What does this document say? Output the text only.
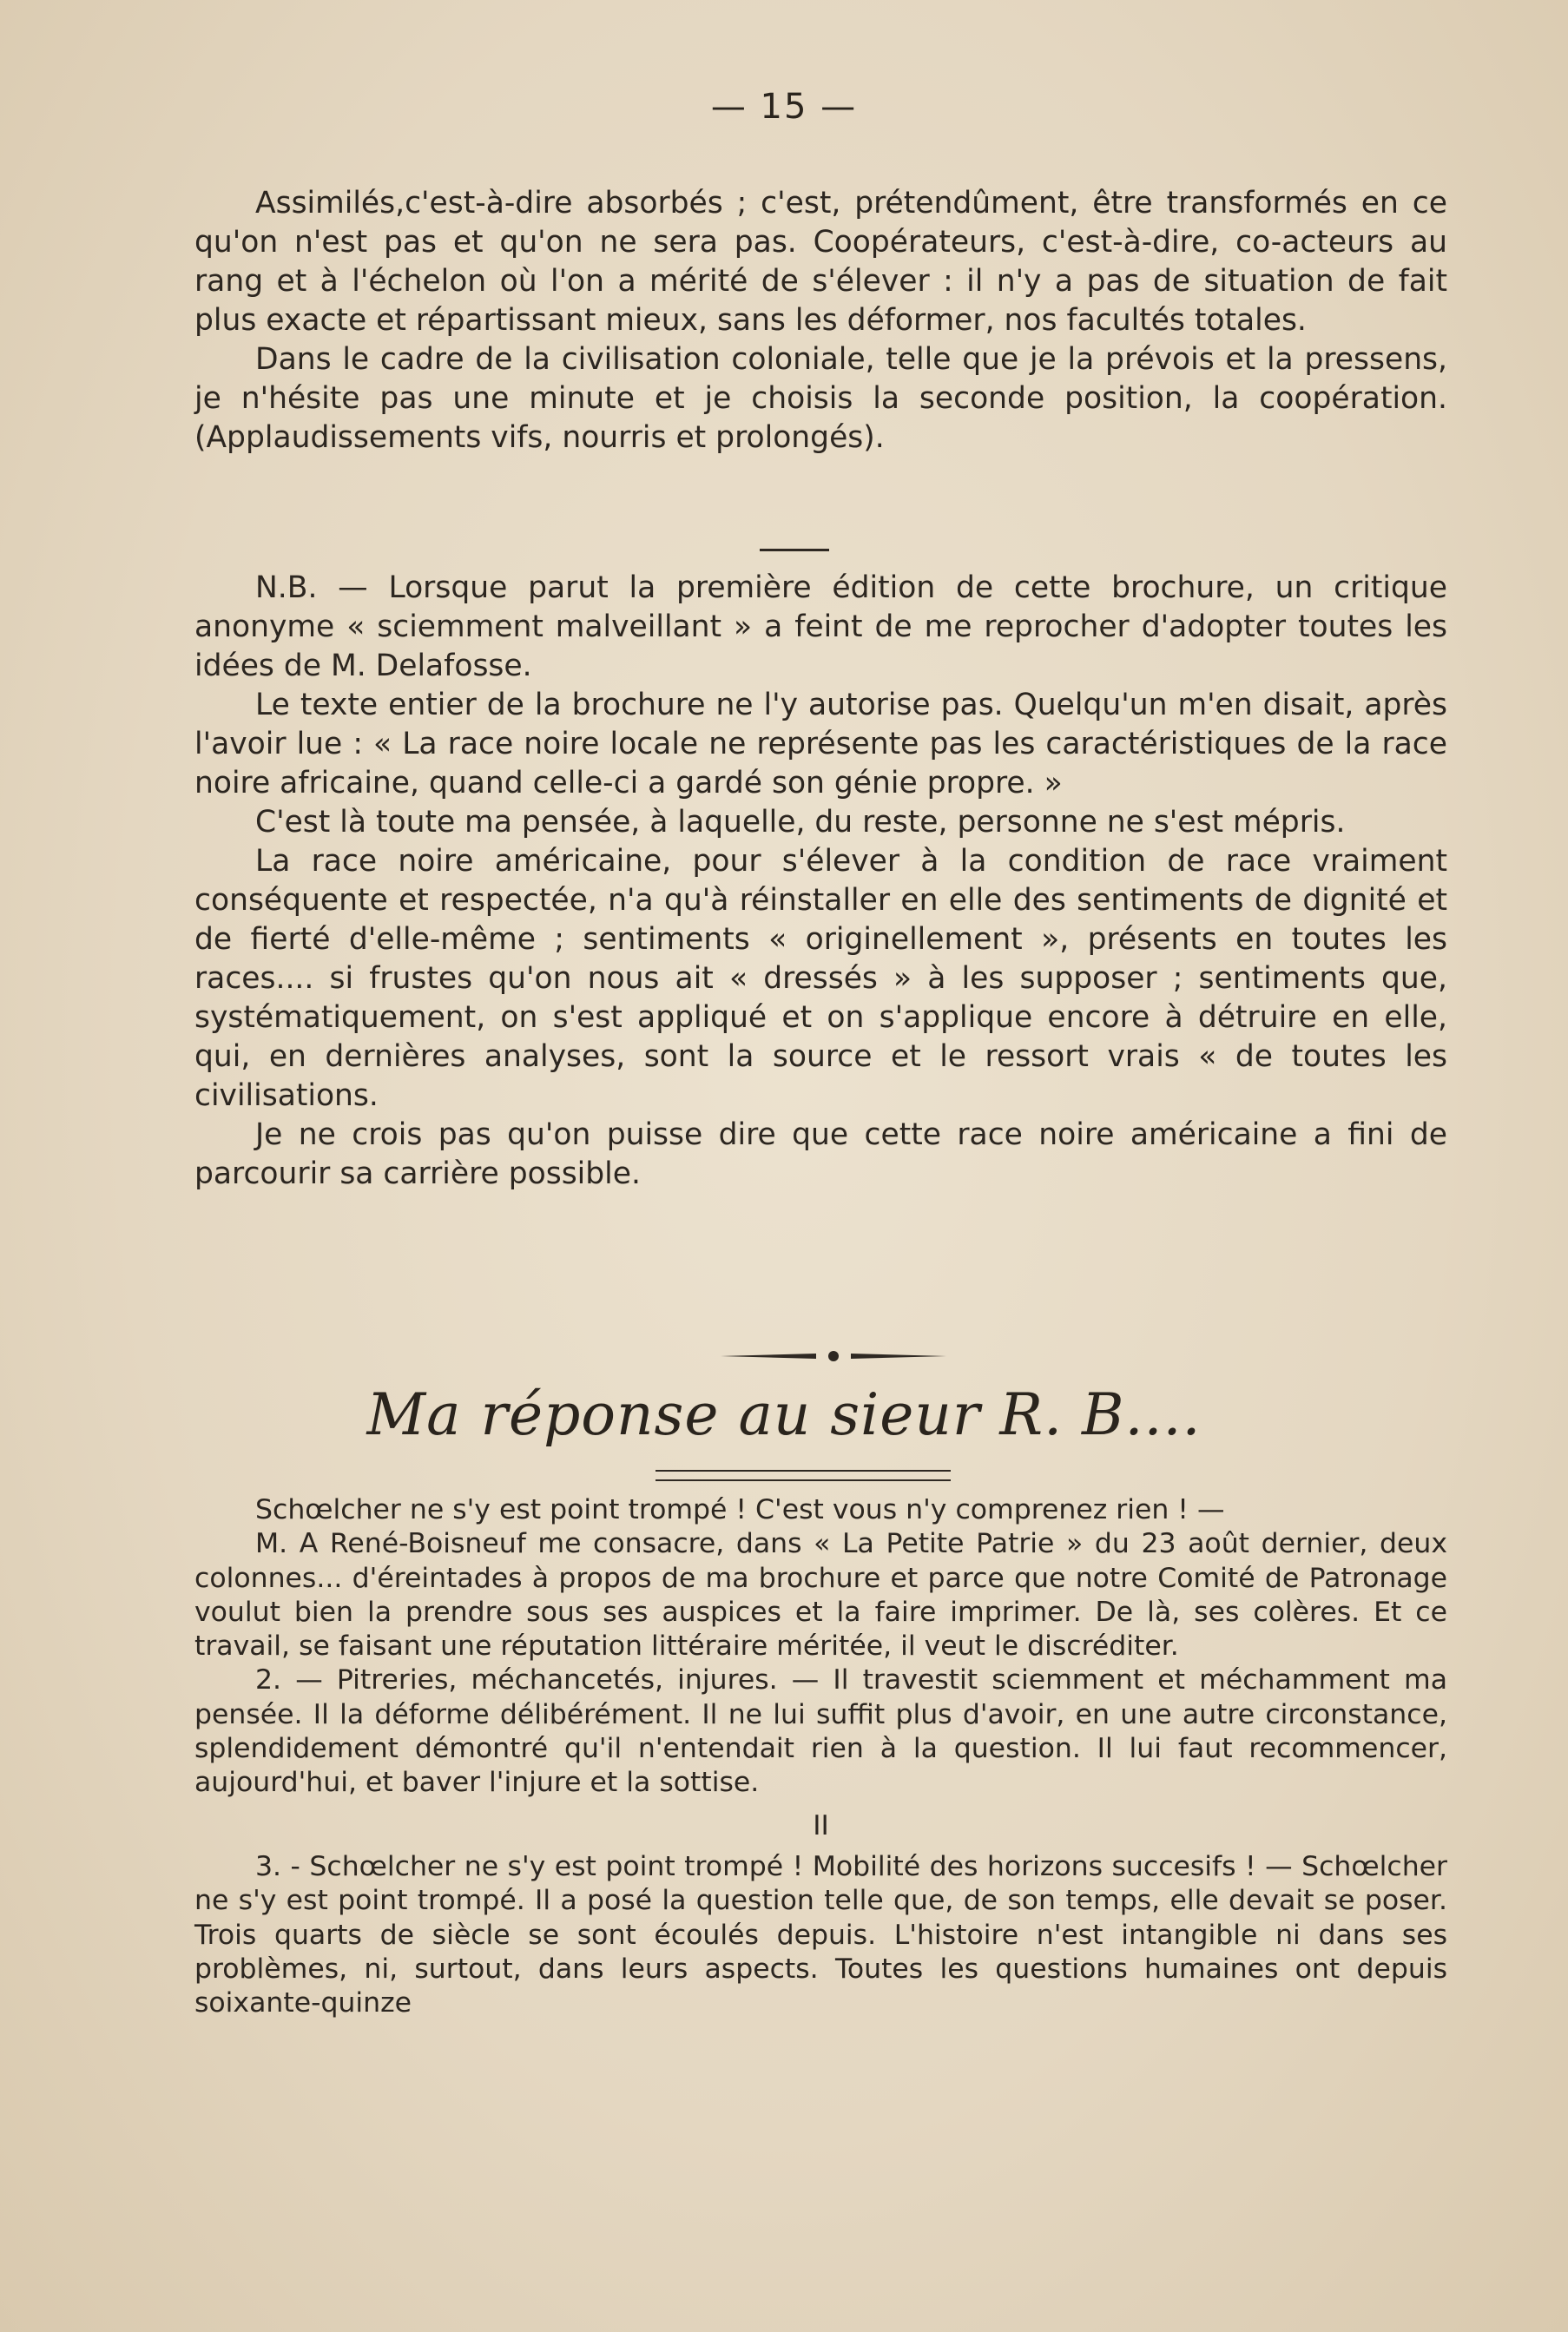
— 15 —

Assimilés,c'est-à-dire absorbés ; c'est, prétendûment, être transformés en ce qu'on n'est pas et qu'on ne sera pas. Coopérateurs, c'est-à-dire, co-acteurs au rang et à l'échelon où l'on a mérité de s'élever : il n'y a pas de situation de fait plus exacte et répartissant mieux, sans les déformer, nos facultés totales.

Dans le cadre de la civilisation coloniale, telle que je la prévois et la pressens, je n'hésite pas une minute et je choisis la seconde position, la coopération. (Applaudissements vifs, nourris et prolongés).

N.B. — Lorsque parut la première édition de cette brochure, un critique anonyme « sciemment malveillant » a feint de me reprocher d'adopter toutes les idées de M. Delafosse.

Le texte entier de la brochure ne l'y autorise pas. Quelqu'un m'en disait, après l'avoir lue : « La race noire locale ne représente pas les caractéristiques de la race noire africaine, quand celle-ci a gardé son génie propre. »

C'est là toute ma pensée, à laquelle, du reste, personne ne s'est mépris.

La race noire américaine, pour s'élever à la condition de race vraiment conséquente et respectée, n'a qu'à réinstaller en elle des sentiments de dignité et de fierté d'elle-même ; sentiments « originellement », présents en toutes les races.... si frustes qu'on nous ait « dressés » à les supposer ; sentiments que, systématiquement, on s'est appliqué et on s'applique encore à détruire en elle, qui, en dernières analyses, sont la source et le ressort vrais « de toutes les civilisations.

Je ne crois pas qu'on puisse dire que cette race noire américaine a fini de parcourir sa carrière possible.

Ma réponse au sieur R. B....

Schœlcher ne s'y est point trompé ! C'est vous n'y comprenez rien ! —

M. A René-Boisneuf me consacre, dans « La Petite Patrie » du 23 août dernier, deux colonnes... d'éreintades à propos de ma brochure et parce que notre Comité de Patronage voulut bien la prendre sous ses auspices et la faire imprimer. De là, ses colères. Et ce travail, se faisant une réputation littéraire méritée, il veut le discréditer.

2. — Pitreries, méchancetés, injures. — Il travestit sciemment et méchamment ma pensée. Il la déforme délibérément. Il ne lui suffit plus d'avoir, en une autre circonstance, splendidement démontré qu'il n'entendait rien à la question. Il lui faut recommencer, aujourd'hui, et baver l'injure et la sottise.

II

3. - Schœlcher ne s'y est point trompé ! Mobilité des horizons succesifs ! — Schœlcher ne s'y est point trompé. Il a posé la question telle que, de son temps, elle devait se poser. Trois quarts de siècle se sont écoulés depuis. L'histoire n'est intangible ni dans ses problèmes, ni, surtout, dans leurs aspects. Toutes les questions humaines ont depuis soixante-quinze
